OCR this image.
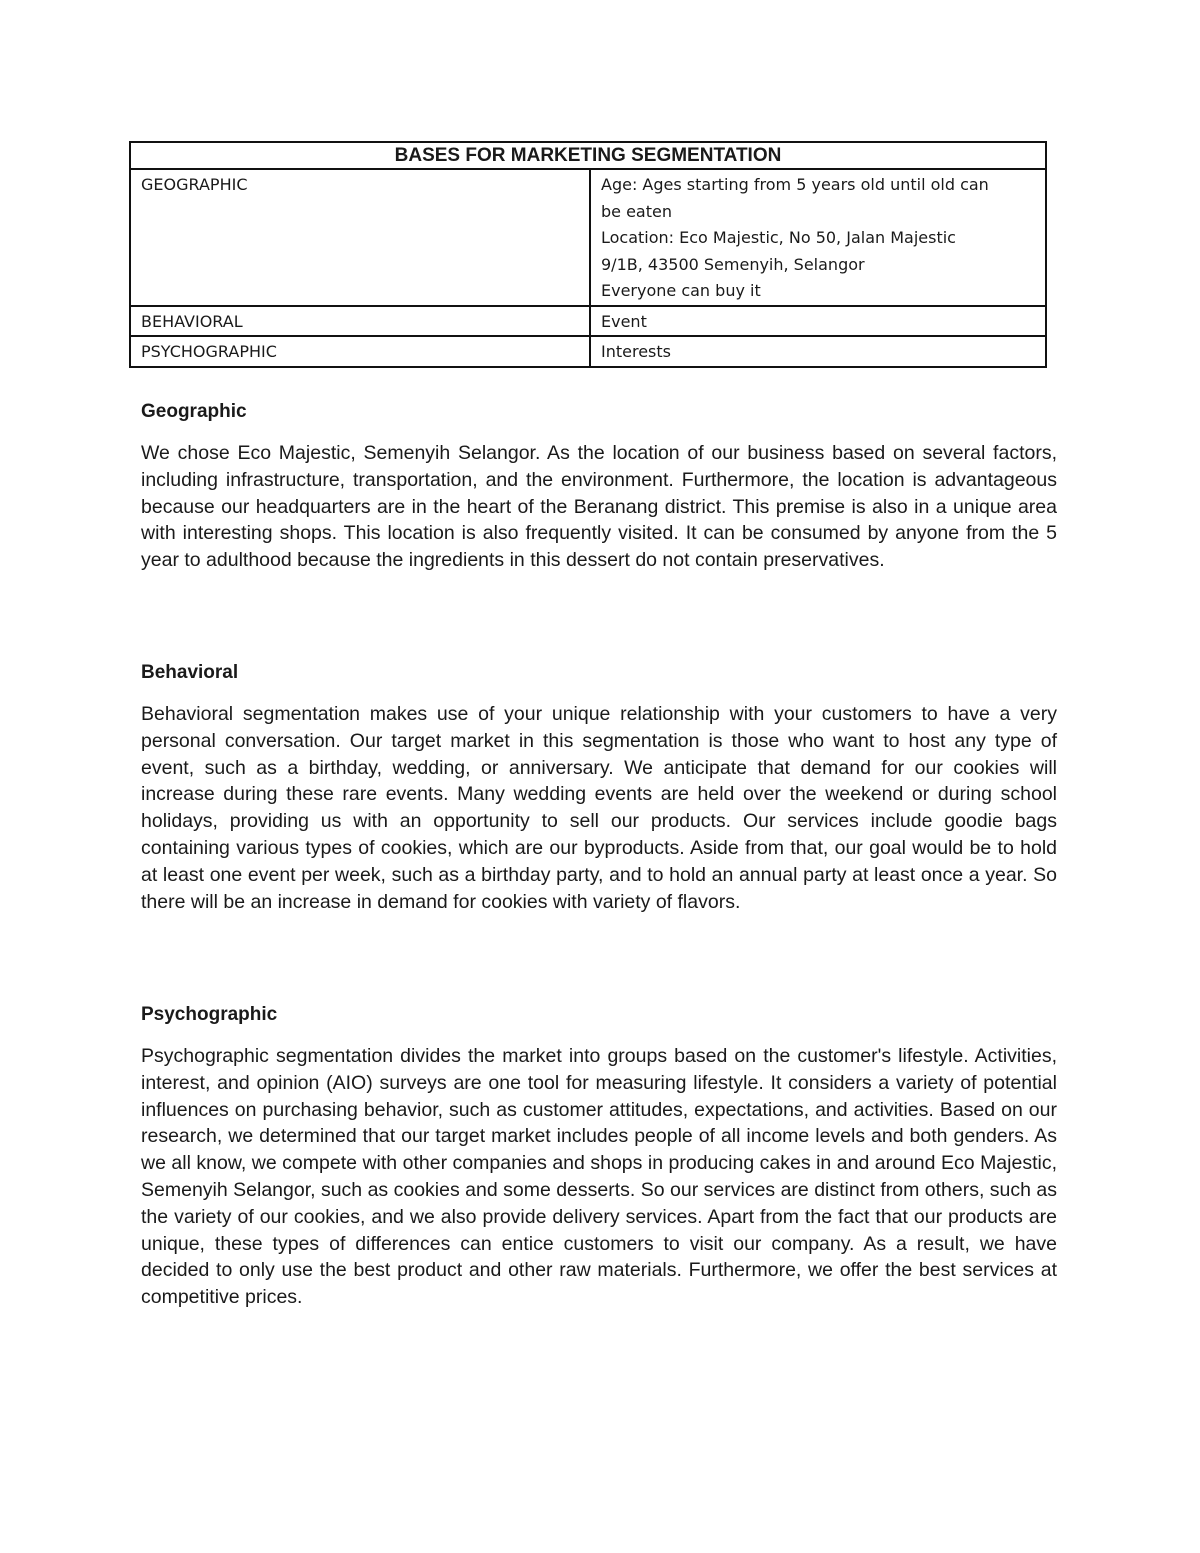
BASES FOR MARKETING SEGMENTATION	
GEOGRAPHIC	Age: Ages starting from 5 years old until old can
be eaten
Location: Eco Majestic, No 50, Jalan Majestic
9/1B, 43500 Semenyih, Selangor
Everyone can buy it

BEHAVIORAL	Event

PSYCHOGRAPHIC	Interests
Geographic

We chose Eco Majestic, Semenyih Selangor. As the location of our business based on several factors, including infrastructure, transportation, and the environment. Furthermore, the location is advantageous because our headquarters are in the heart of the Beranang district. This premise is also in a unique area with interesting shops. This location is also frequently visited. It can be consumed by anyone from the 5 year to adulthood because the ingredients in this dessert do not contain preservatives.

Behavioral

Behavioral segmentation makes use of your unique relationship with your customers to have a very personal conversation. Our target market in this segmentation is those who want to host any type of event, such as a birthday, wedding, or anniversary. We anticipate that demand for our cookies will increase during these rare events. Many wedding events are held over the weekend or during school holidays, providing us with an opportunity to sell our products. Our services include goodie bags containing various types of cookies, which are our byproducts. Aside from that, our goal would be to hold at least one event per week, such as a birthday party, and to hold an annual party at least once a year. So there will be an increase in demand for cookies with variety of flavors.

Psychographic

Psychographic segmentation divides the market into groups based on the customer's lifestyle. Activities, interest, and opinion (AIO) surveys are one tool for measuring lifestyle. It considers a variety of potential influences on purchasing behavior, such as customer attitudes, expectations, and activities. Based on our research, we determined that our target market includes people of all income levels and both genders. As we all know, we compete with other companies and shops in producing cakes in and around Eco Majestic, Semenyih Selangor, such as cookies and some desserts. So our services are distinct from others, such as the variety of our cookies, and we also provide delivery services. Apart from the fact that our products are unique, these types of differences can entice customers to visit our company. As a result, we have decided to only use the best product and other raw materials. Furthermore, we offer the best services at competitive prices.
